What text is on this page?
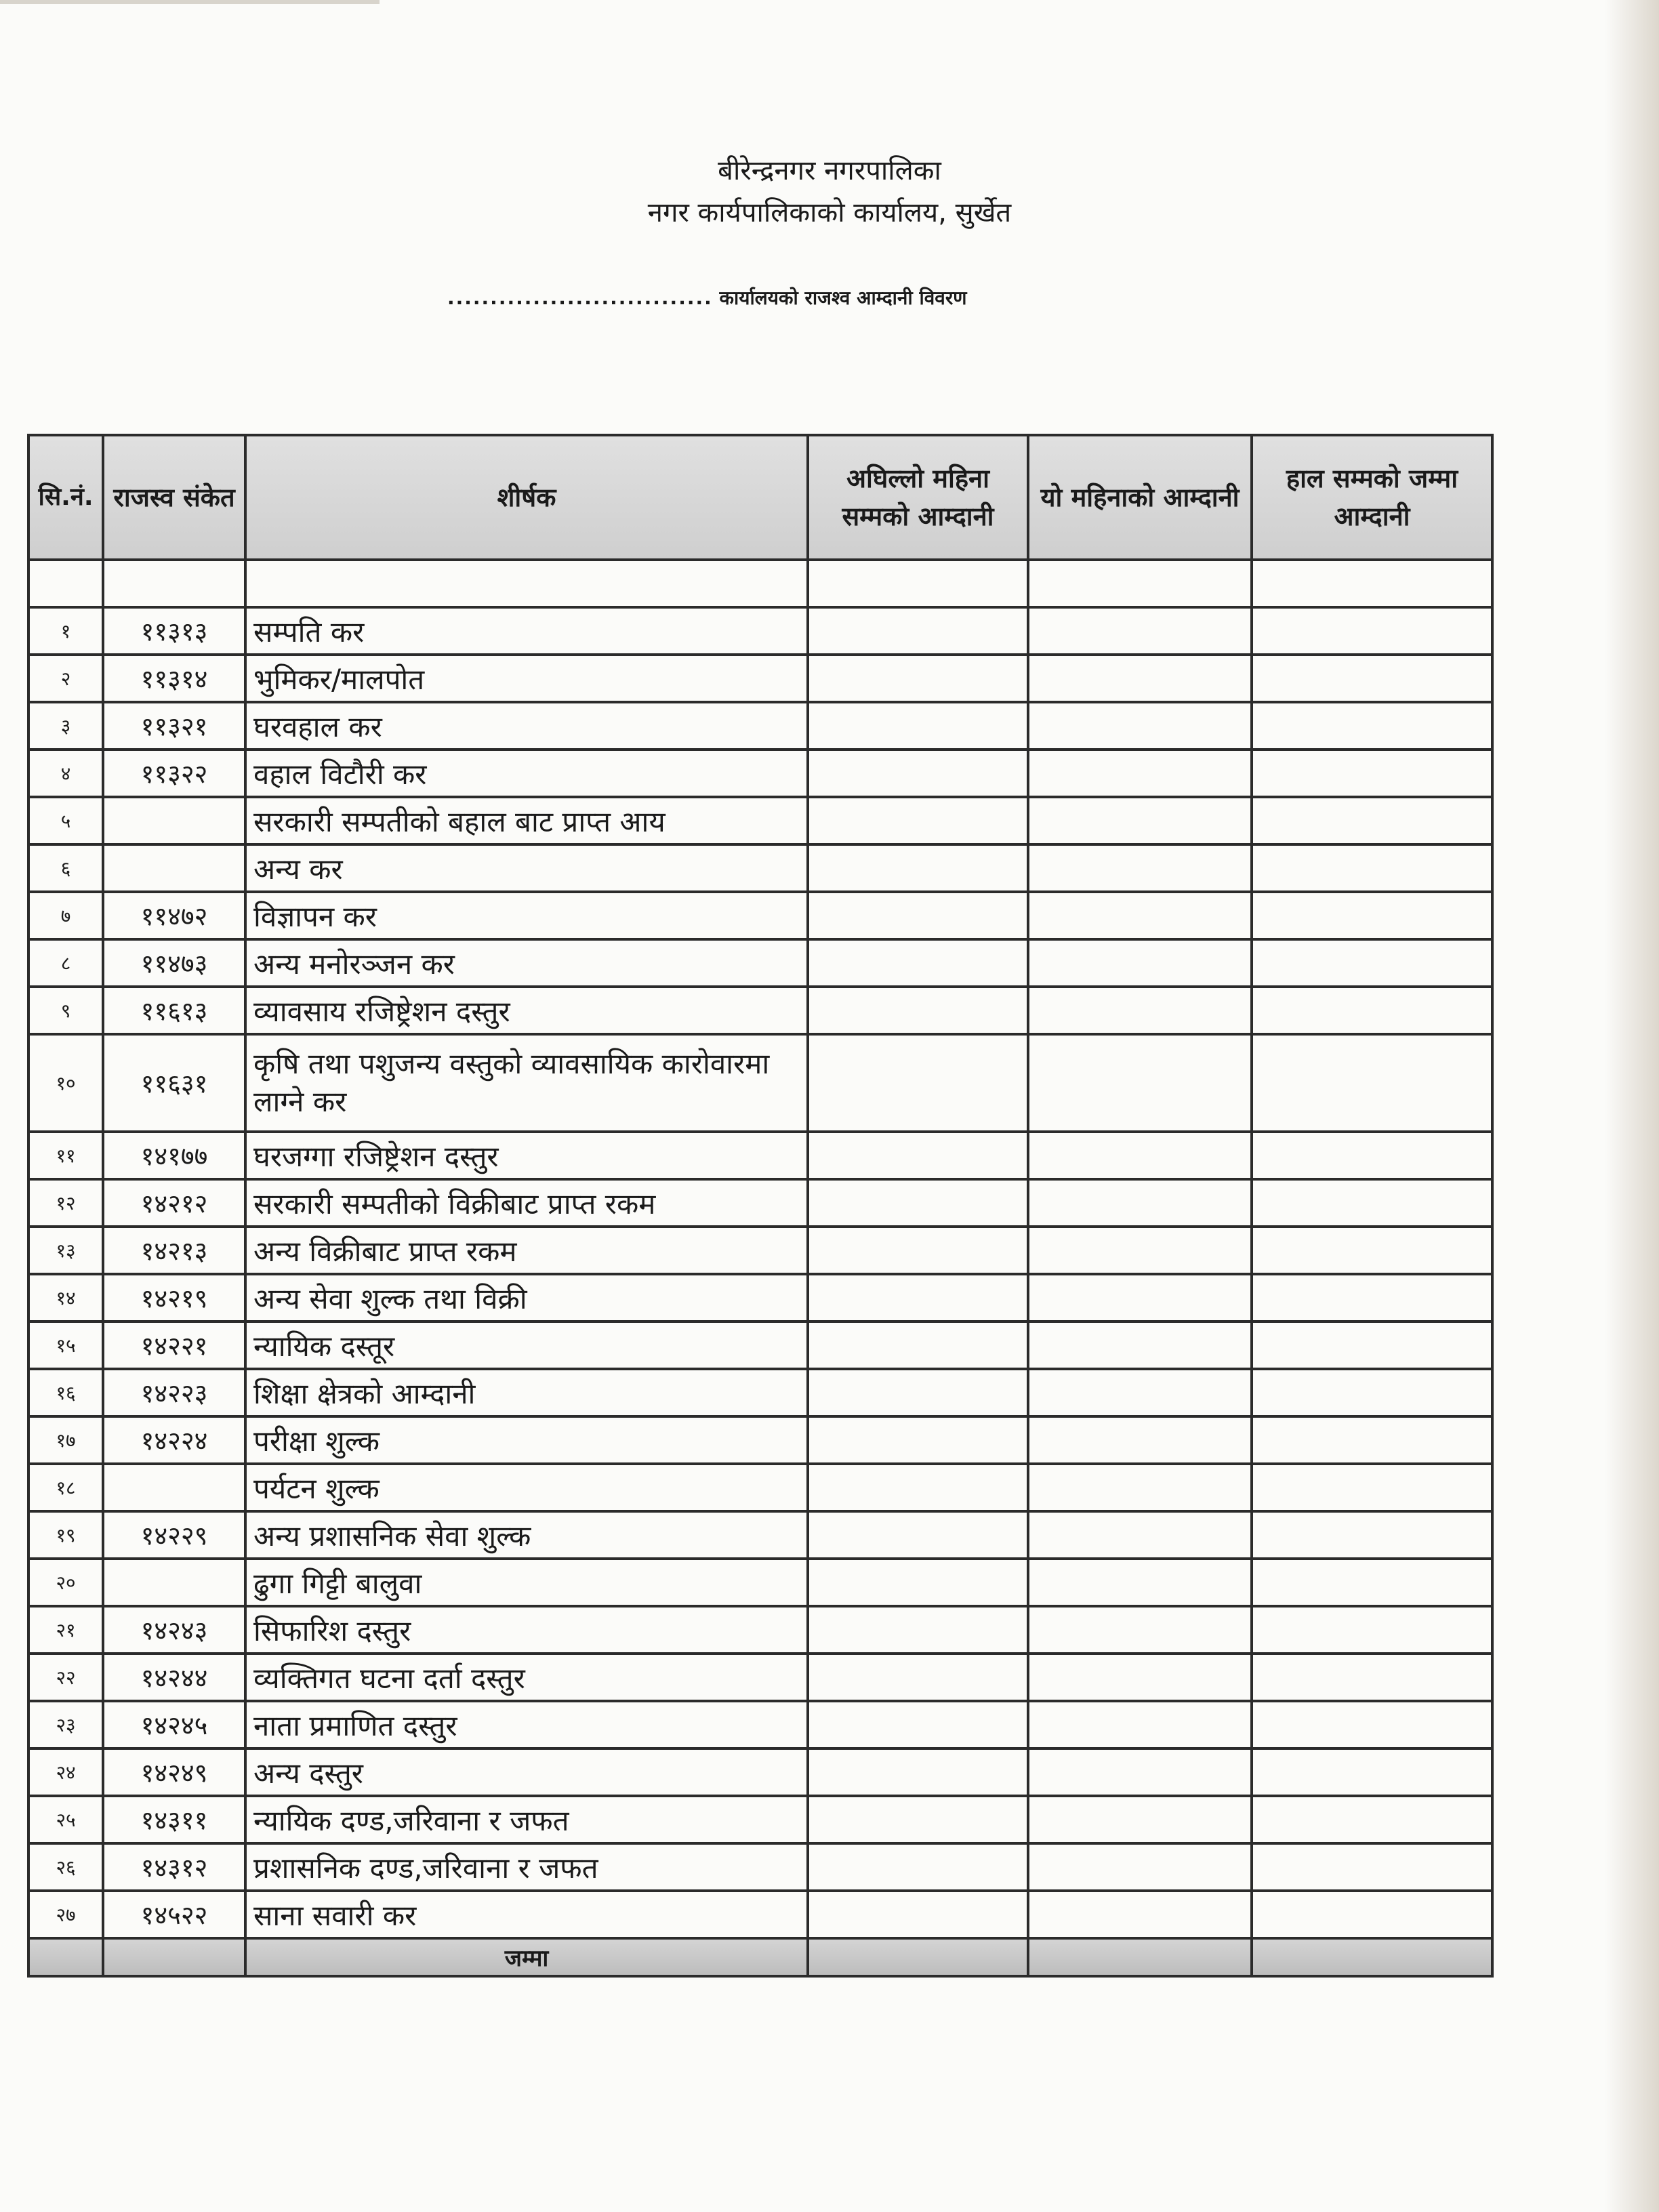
बीरेन्द्रनगर नगरपालिका
नगर कार्यपालिकाको कार्यालय, सुर्खेत
............................... कार्यालयको राजश्व आम्दानी विवरण
सि.नं.	राजस्व संकेत	शीर्षक	अघिल्लो महिना सम्मको आम्दानी	यो महिनाको आम्दानी	हाल सम्मको जम्मा आम्दानी

१	११३१३	सम्पति कर			
२	११३१४	भुमिकर/मालपोत			
३	११३२१	घरवहाल कर			
४	११३२२	वहाल विटौरी कर			
५		सरकारी सम्पतीको बहाल बाट प्राप्त आय			
६		अन्य कर			
७	११४७२	विज्ञापन कर			
८	११४७३	अन्य मनोरञ्जन कर			
९	११६१३	व्यावसाय रजिष्ट्रेशन दस्तुर			
१०	११६३१	कृषि तथा पशुजन्य वस्तुको व्यावसायिक कारोवारमा लाग्ने कर			
११	१४१७७	घरजग्गा रजिष्ट्रेशन दस्तुर			
१२	१४२१२	सरकारी सम्पतीको विक्रीबाट प्राप्त रकम			
१३	१४२१३	अन्य विक्रीबाट प्राप्त रकम			
१४	१४२१९	अन्य सेवा शुल्क तथा विक्री			
१५	१४२२१	न्यायिक दस्तूर			
१६	१४२२३	शिक्षा क्षेत्रको आम्दानी			
१७	१४२२४	परीक्षा शुल्क			
१८		पर्यटन शुल्क			
१९	१४२२९	अन्य प्रशासनिक सेवा शुल्क			
२०		ढुगा गिट्टी बालुवा			
२१	१४२४३	सिफारिश दस्तुर			
२२	१४२४४	व्यक्तिगत घटना दर्ता दस्तुर			
२३	१४२४५	नाता प्रमाणित दस्तुर			
२४	१४२४९	अन्य दस्तुर			
२५	१४३११	न्यायिक दण्ड,जरिवाना र जफत			
२६	१४३१२	प्रशासनिक दण्ड,जरिवाना र जफत			
२७	१४५२२	साना सवारी कर			
		जम्मा			
